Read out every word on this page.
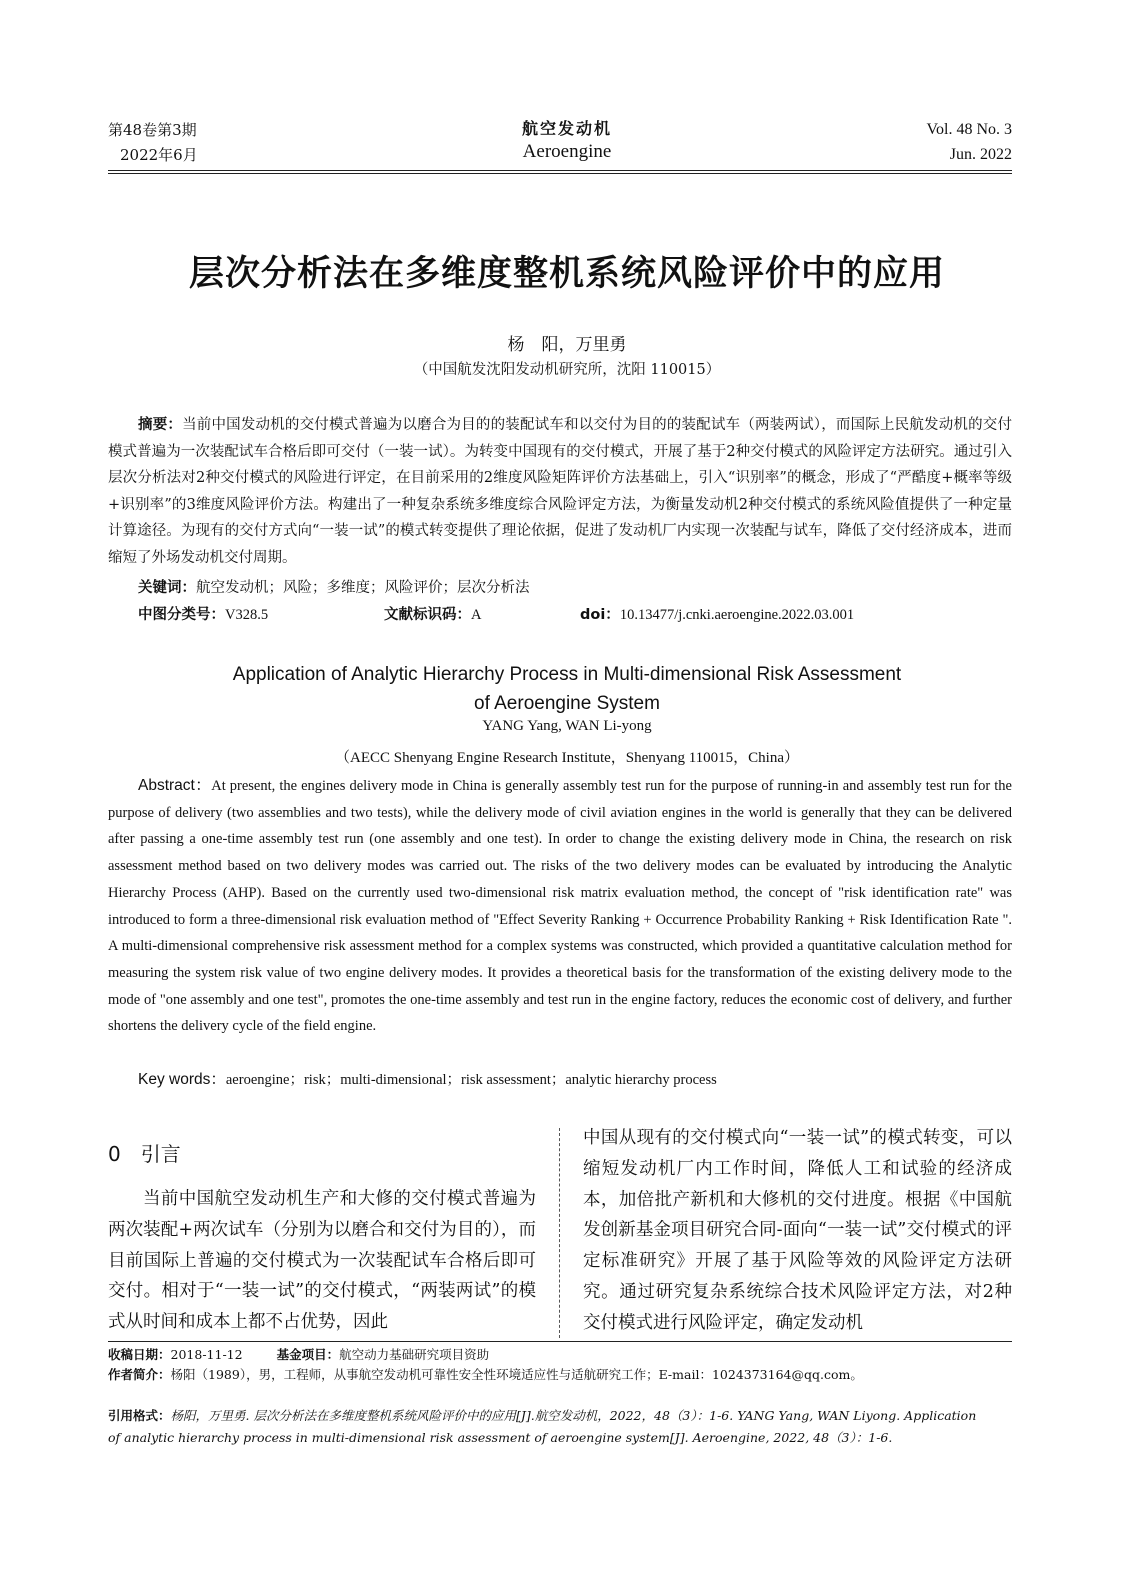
第48卷第3期
2022年6月
航空发动机
Aeroengine
Vol. 48 No. 3
Jun. 2022
层次分析法在多维度整机系统风险评价中的应用
杨　阳，万里勇
（中国航发沈阳发动机研究所，沈阳 110015）
摘要：当前中国发动机的交付模式普遍为以磨合为目的的装配试车和以交付为目的的装配试车（两装两试），而国际上民航发动机的交付模式普遍为一次装配试车合格后即可交付（一装一试）。为转变中国现有的交付模式，开展了基于2种交付模式的风险评定方法研究。通过引入层次分析法对2种交付模式的风险进行评定，在目前采用的2维度风险矩阵评价方法基础上，引入“识别率”的概念，形成了“严酷度+概率等级+识别率”的3维度风险评价方法。构建出了一种复杂系统多维度综合风险评定方法，为衡量发动机2种交付模式的系统风险值提供了一种定量计算途径。为现有的交付方式向“一装一试”的模式转变提供了理论依据，促进了发动机厂内实现一次装配与试车，降低了交付经济成本，进而缩短了外场发动机交付周期。
关键词：航空发动机；风险；多维度；风险评价；层次分析法
中图分类号：V328.5	文献标识码：A	doi：10.13477/j.cnki.aeroengine.2022.03.001
Application of Analytic Hierarchy Process in Multi-dimensional Risk Assessment
of Aeroengine System
YANG Yang, WAN Li-yong
（AECC Shenyang Engine Research Institute，Shenyang 110015，China）
Abstract：At present, the engines delivery mode in China is generally assembly test run for the purpose of running-in and assembly test run for the purpose of delivery (two assemblies and two tests), while the delivery mode of civil aviation engines in the world is generally that they can be delivered after passing a one-time assembly test run (one assembly and one test). In order to change the existing delivery mode in China, the research on risk assessment method based on two delivery modes was carried out. The risks of the two delivery modes can be evaluated by introducing the Analytic Hierarchy Process (AHP). Based on the currently used two-dimensional risk matrix evaluation method, the concept of "risk identification rate" was introduced to form a three-dimensional risk evaluation method of "Effect Severity Ranking + Occurrence Probability Ranking + Risk Identification Rate ". A multi-dimensional comprehensive risk assessment method for a complex systems was constructed, which provided a quantitative calculation method for measuring the system risk value of two engine delivery modes. It provides a theoretical basis for the transformation of the existing delivery mode to the mode of "one assembly and one test", promotes the one-time assembly and test run in the engine factory, reduces the economic cost of delivery, and further shortens the delivery cycle of the field engine.
Key words：aeroengine；risk；multi-dimensional；risk assessment；analytic hierarchy process
0　引言
当前中国航空发动机生产和大修的交付模式普遍为两次装配+两次试车（分别为以磨合和交付为目的），而目前国际上普遍的交付模式为一次装配试车合格后即可交付。相对于“一装一试”的交付模式，“两装两试”的模式从时间和成本上都不占优势，因此
中国从现有的交付模式向“一装一试”的模式转变，可以缩短发动机厂内工作时间，降低人工和试验的经济成本，加倍批产新机和大修机的交付进度。根据《中国航发创新基金项目研究合同-面向“一装一试”交付模式的评定标准研究》开展了基于风险等效的风险评定方法研究。通过研究复杂系统综合技术风险评定方法，对2种交付模式进行风险评定，确定发动机
收稿日期：2018-11-12	基金项目：航空动力基础研究项目资助
作者简介：杨阳（1989），男，工程师，从事航空发动机可靠性安全性环境适应性与适航研究工作；E-mail：1024373164@qq.com。
引用格式：杨阳，万里勇. 层次分析法在多维度整机系统风险评价中的应用[J].航空发动机，2022，48（3）：1-6. YANG Yang, WAN Liyong. Application
of analytic hierarchy process in multi-dimensional risk assessment of aeroengine system[J]. Aeroengine, 2022, 48（3）：1-6.
